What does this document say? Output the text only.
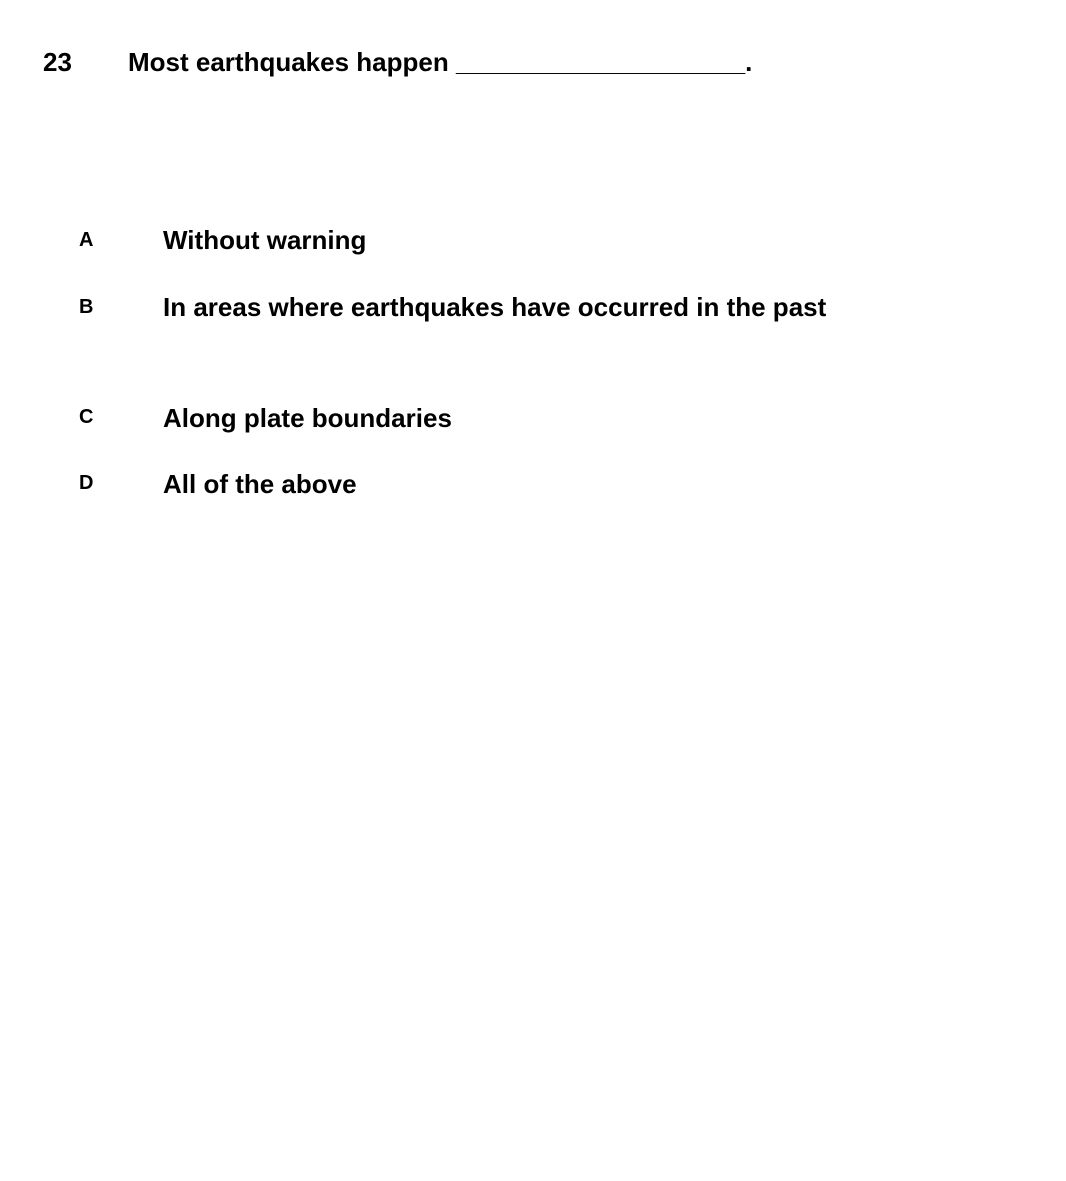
23 Most earthquakes happen ____________________.
A	Without warning
B	In areas where earthquakes have occurred in the past
C	Along plate boundaries
D	All of the above
